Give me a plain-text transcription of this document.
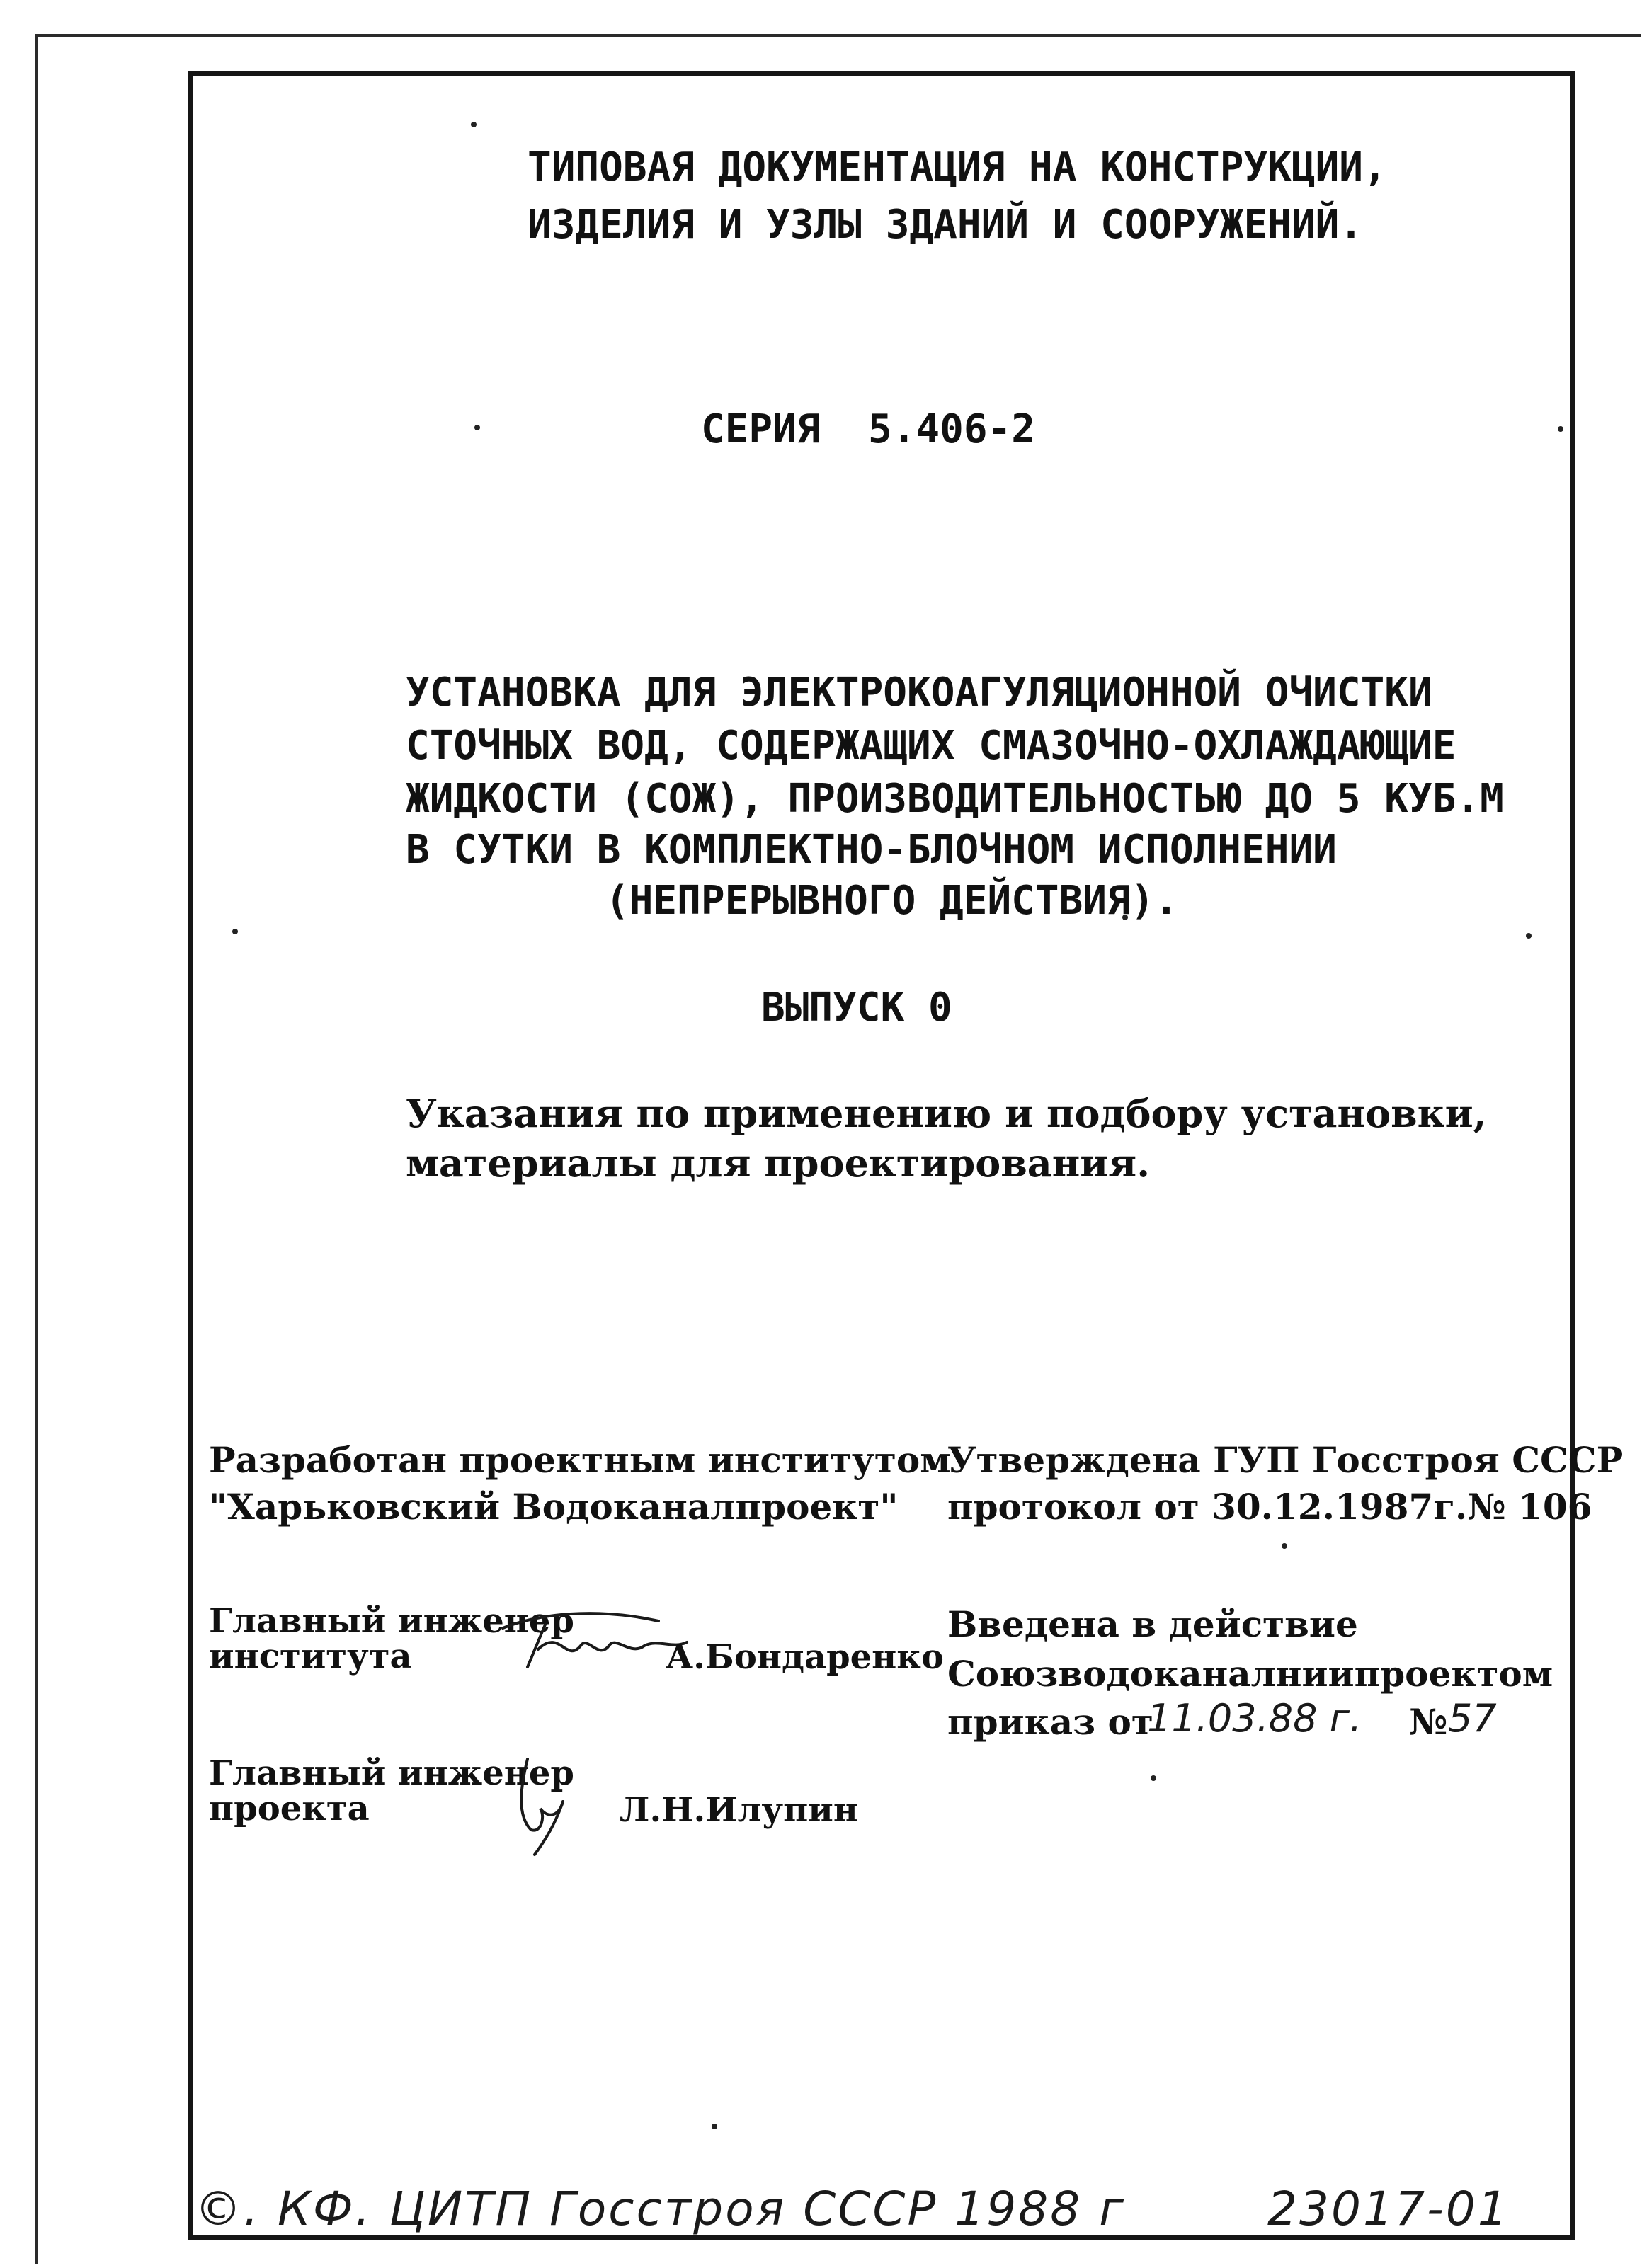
ТИПОВАЯ ДОКУМЕНТАЦИЯ НА КОНСТРУКЦИИ,
ИЗДЕЛИЯ И УЗЛЫ ЗДАНИЙ И СООРУЖЕНИЙ.
СЕРИЯ  5.406-2
УСТАНОВКА ДЛЯ ЭЛЕКТРОКОАГУЛЯЦИОННОЙ ОЧИСТКИ
СТОЧНЫХ ВОД, СОДЕРЖАЩИХ СМАЗОЧНО-ОХЛАЖДАЮЩИЕ
ЖИДКОСТИ (СОЖ), ПРОИЗВОДИТЕЛЬНОСТЬЮ ДО 5 КУБ.М
В СУТКИ В КОМПЛЕКТНО-БЛОЧНОМ ИСПОЛНЕНИИ
(НЕПРЕРЫВНОГО ДЕЙСТВИЯ).
ВЫПУСК 0
Указания по применению и подбору установки,
материалы для проектирования.
Разработан проектным институтом
"Харьковский Водоканалпроект"
Утверждена ГУП Госстроя СССР
протокол от 30.12.1987г.№ 106
Главный инженер
института	А.Бондаренко
Введена в действие
Союзводоканалниипроектом
приказ от
11.03.88 г. № 57
Главный инженер
проекта	Л.Н.Илупин
©. КФ. ЦИТП Госстроя СССР 1988 г	23017-01
